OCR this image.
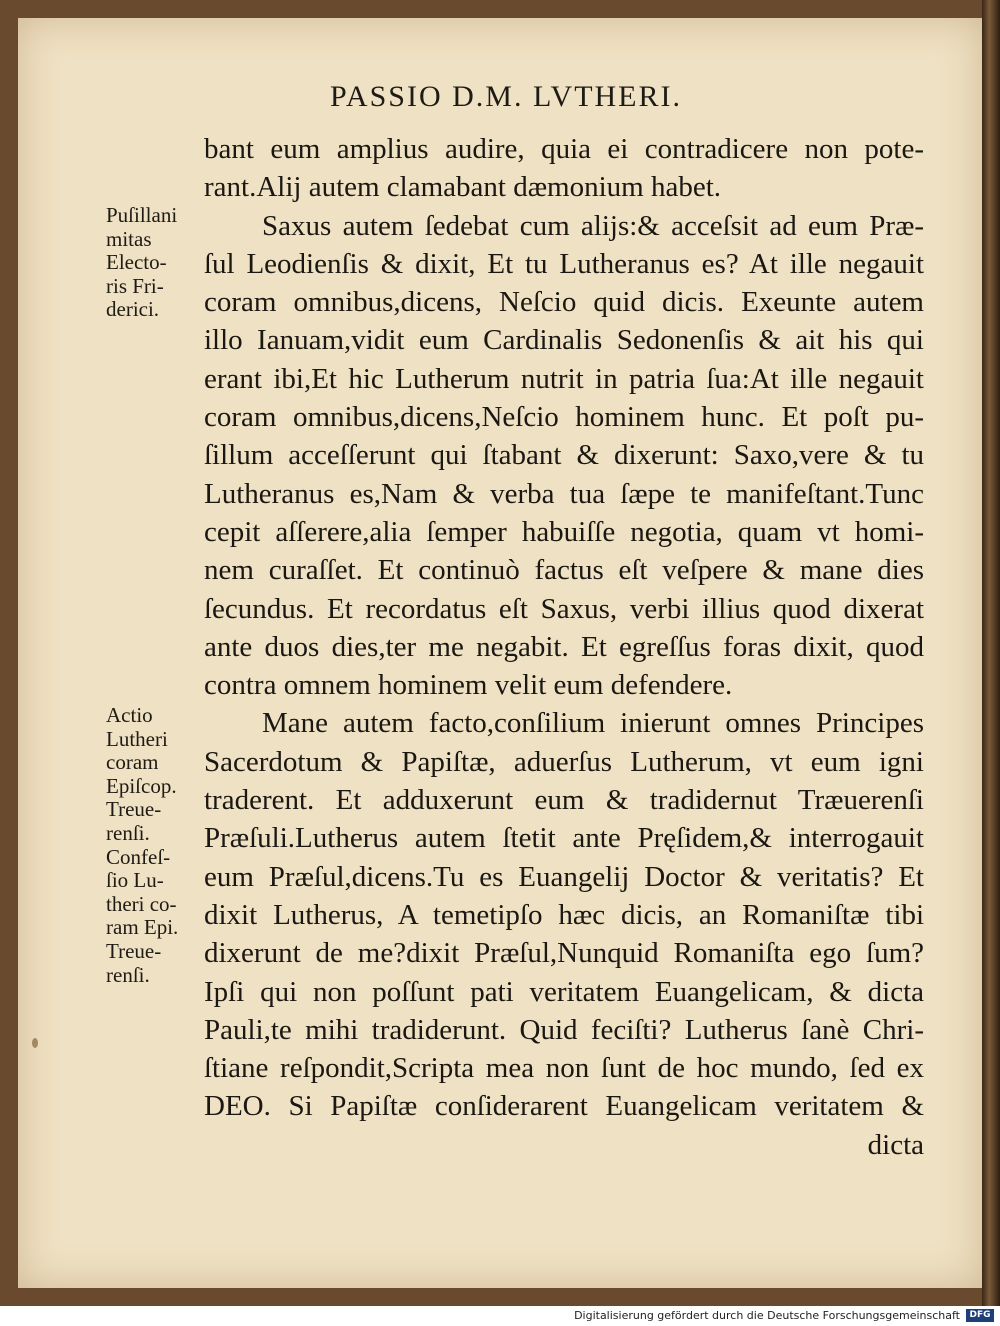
PASSIO D.M. LVTHERI.
bant eum amplius audire, quia ei contradicere non pote-
rant.Alij autem clamabant dæmonium habet.
Saxus autem ſedebat cum alijs:& acceſsit ad eum Præ-
ſul Leodienſis & dixit, Et tu Lutheranus es? At ille negauit
coram omnibus,dicens, Neſcio quid dicis. Exeunte autem
illo Ianuam,vidit eum Cardinalis Sedonenſis & ait his qui
erant ibi,Et hic Lutherum nutrit in patria ſua:At ille negauit
coram omnibus,dicens,Neſcio hominem hunc. Et poſt pu-
ſillum acceſſerunt qui ſtabant & dixerunt: Saxo,vere & tu
Lutheranus es,Nam & verba tua ſæpe te manifeſtant.Tunc
cepit aſſerere,alia ſemper habuiſſe negotia, quam vt homi-
nem curaſſet. Et continuò factus eſt veſpere & mane dies
ſecundus. Et recordatus eſt Saxus, verbi illius quod dixerat
ante duos dies,ter me negabit. Et egreſſus foras dixit, quod
contra omnem hominem velit eum defendere.
Mane autem facto,conſilium inierunt omnes Principes
Sacerdotum & Papiſtæ, aduerſus Lutherum, vt eum igni
traderent. Et adduxerunt eum & tradidernut Træuerenſi
Præſuli.Lutherus autem ſtetit ante Pręſidem,& interrogauit
eum Præſul,dicens.Tu es Euangelij Doctor & veritatis? Et
dixit Lutherus, A temetipſo hæc dicis, an Romaniſtæ tibi
dixerunt de me?dixit Præſul,Nunquid Romaniſta ego ſum?
Ipſi qui non poſſunt pati veritatem Euangelicam, & dicta
Pauli,te mihi tradiderunt. Quid feciſti? Lutherus ſanè Chri-
ſtiane reſpondit,Scripta mea non ſunt de hoc mundo, ſed ex
DEO. Si Papiſtæ conſiderarent Euangelicam veritatem &
dicta
Puſillani
mitas
Electo-
ris Fri-
derici.
Actio
Lutheri
coram
Epiſcop.
Treue-
renſi.
Confeſ-
ſio Lu-
theri co-
ram Epi.
Treue-
renſi.
Digitalisierung gefördert durch die Deutsche Forschungsgemeinschaft	DFG
